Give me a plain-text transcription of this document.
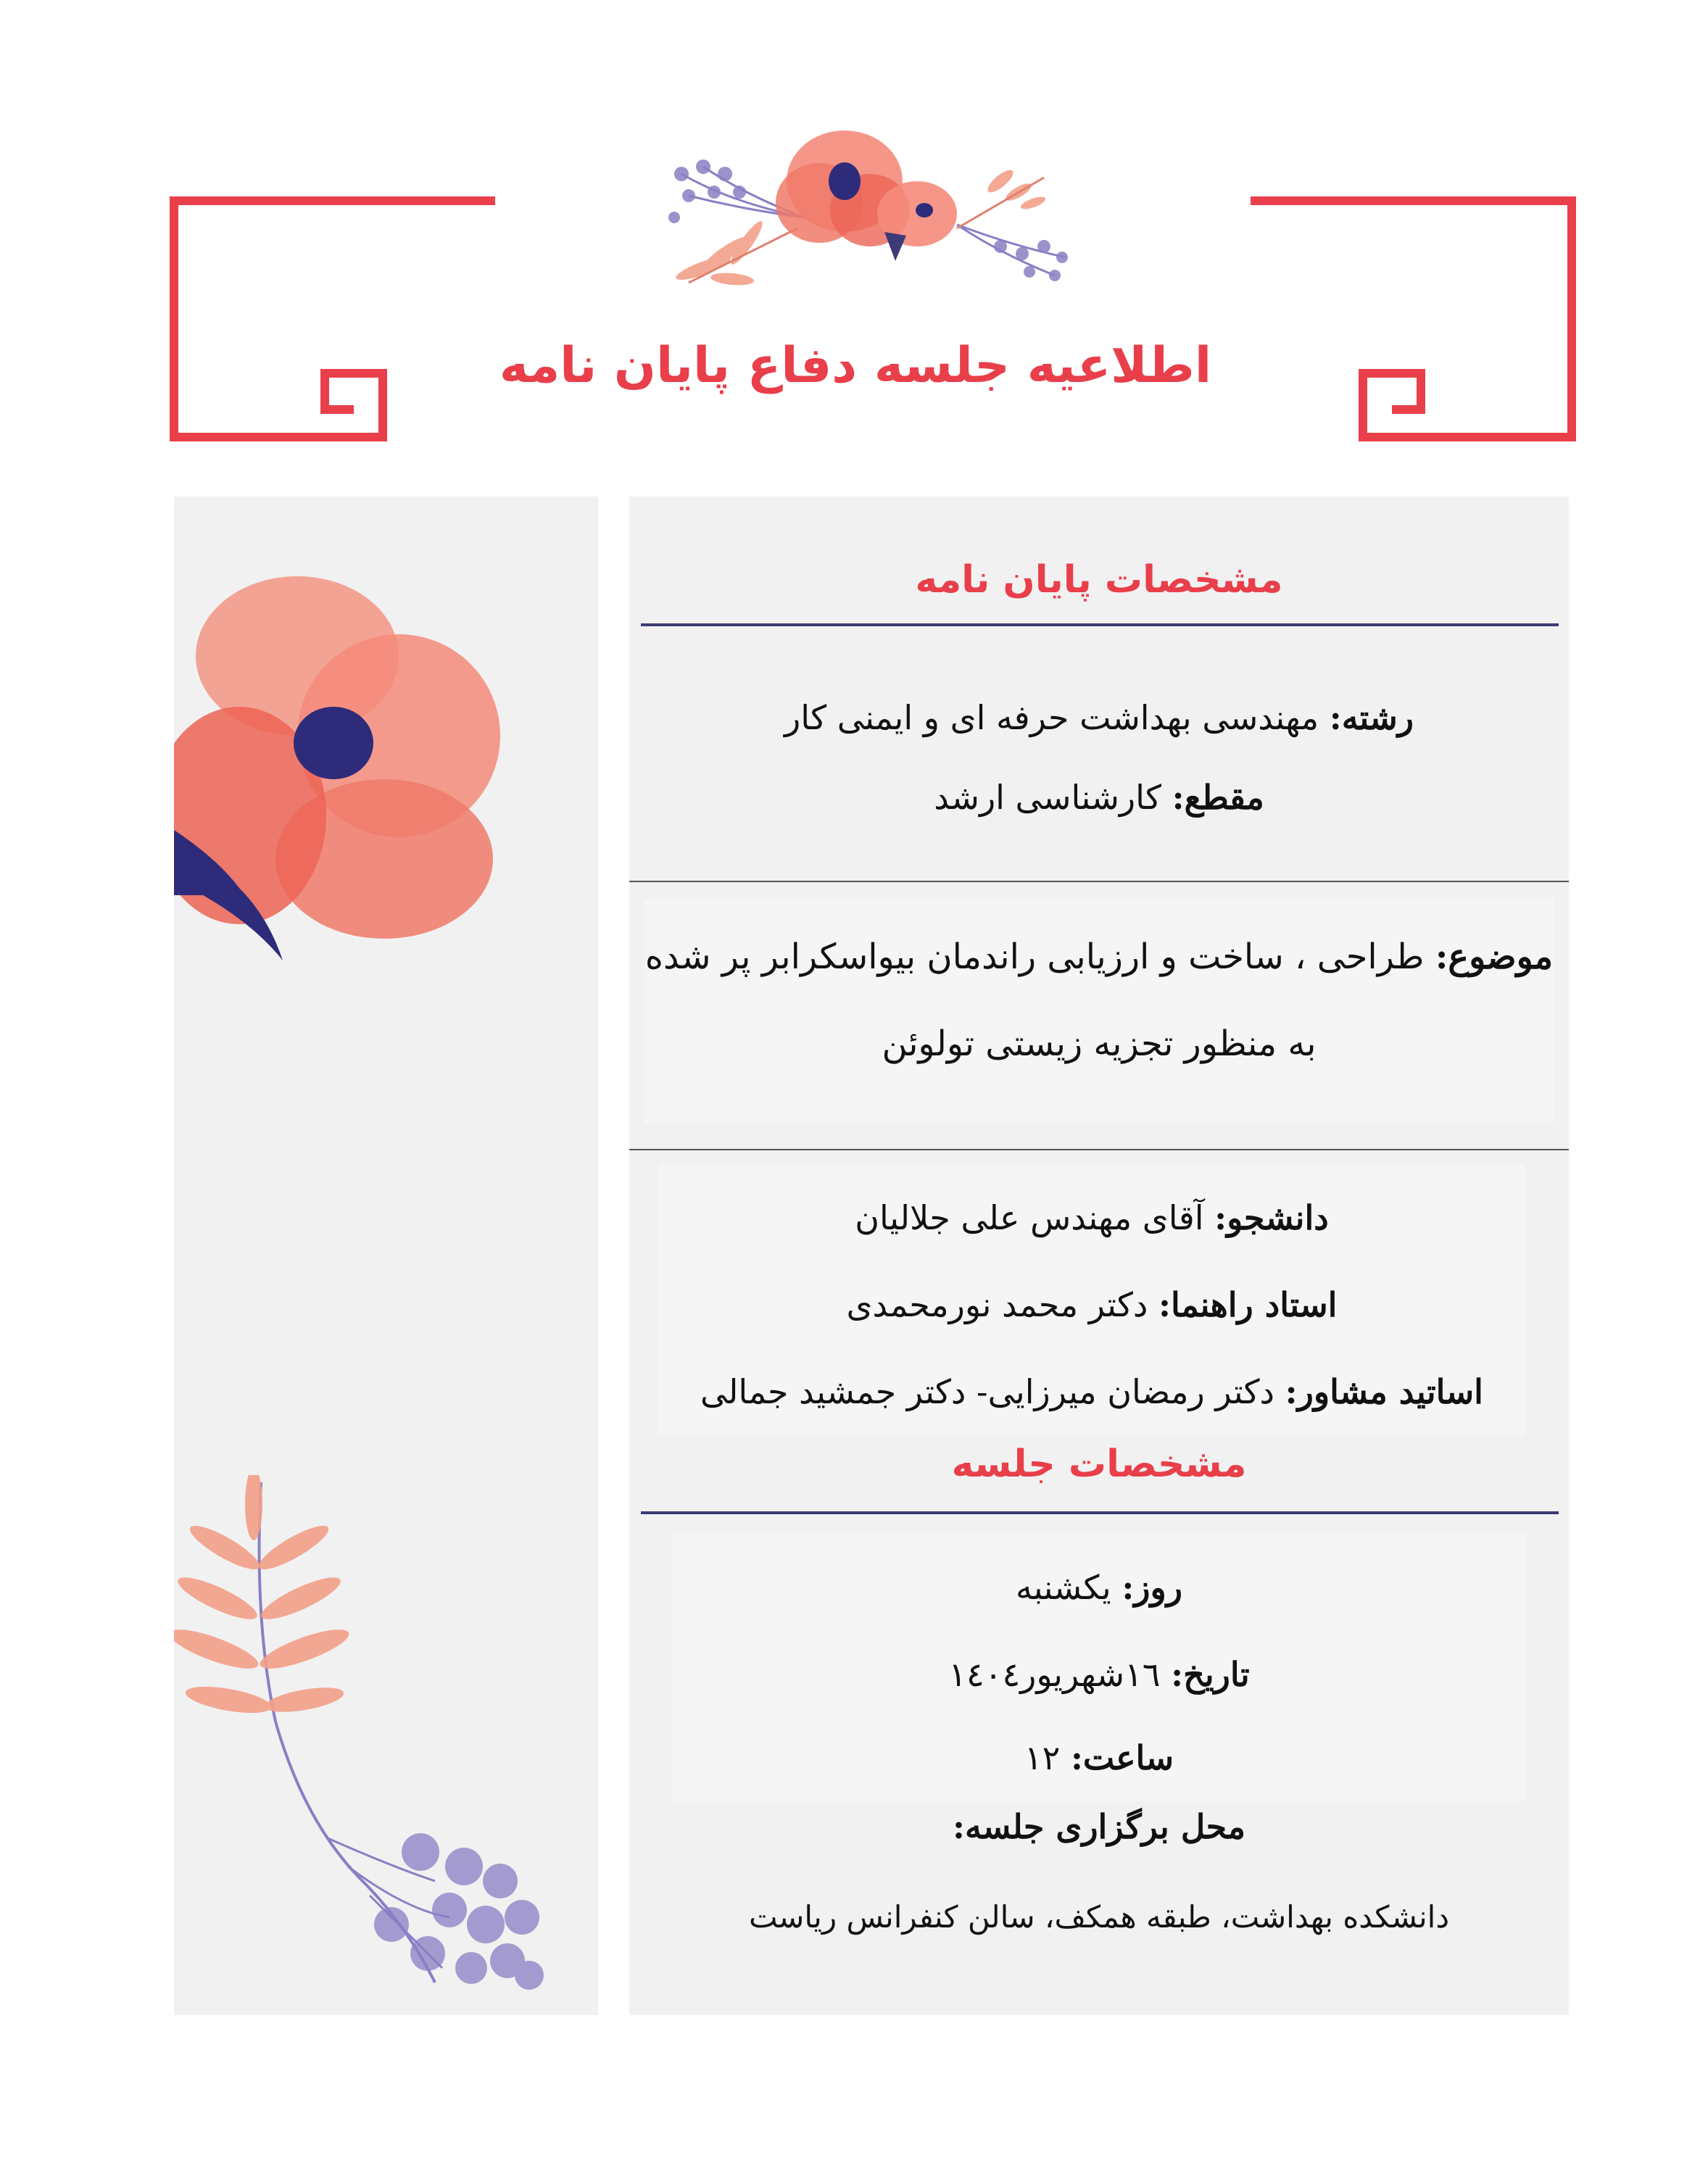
اطلاعیه جلسه دفاع پایان نامه
مشخصات پایان نامه
رشته: مهندسی بهداشت حرفه ای و ایمنی کار
مقطع: کارشناسی ارشد
موضوع: طراحی ، ساخت و ارزیابی راندمان بیواسکرابر پر شده
به منظور تجزیه زیستی تولوئن
دانشجو: آقای مهندس علی جلالیان
استاد راهنما: دکتر محمد نورمحمدی
اساتید مشاور: دکتر رمضان میرزایی- دکتر جمشید جمالی
مشخصات جلسه
روز: یکشنبه
تاریخ: ١٦شهریور١٤٠٤
ساعت: ١٢
محل برگزاری جلسه:
دانشکده بهداشت، طبقه همکف، سالن کنفرانس ریاست
